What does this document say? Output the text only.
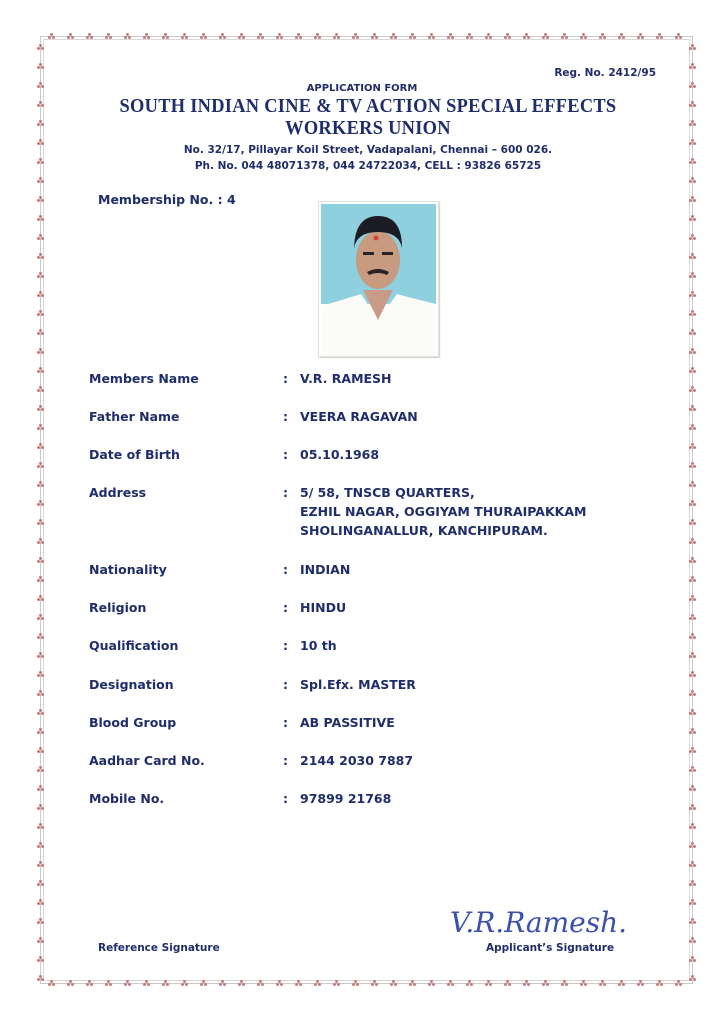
Reg. No. 2412/95
APPLICATION FORM
SOUTH INDIAN CINE & TV ACTION SPECIAL EFFECTS
WORKERS UNION
No. 32/17, Pillayar Koil Street, Vadapalani, Chennai – 600 026.
Ph. No. 044 48071378, 044 24722034, CELL : 93826 65725
Membership No. : 4
Members Name	: V.R. RAMESH
Father Name	: VEERA RAGAVAN
Date of Birth	: 05.10.1968
Address	: 5/ 58, TNSCB QUARTERS,
EZHIL NAGAR, OGGIYAM THURAIPAKKAM
SHOLINGANALLUR, KANCHIPURAM.
Nationality	: INDIAN
Religion	: HINDU
Qualification	: 10 th
Designation	: Spl.Efx. MASTER
Blood Group	: AB PASSITIVE
Aadhar Card No.	: 2144 2030 7887
Mobile No.	: 97899 21768
V.R.Ramesh.
Reference Signature	Applicant’s Signature
